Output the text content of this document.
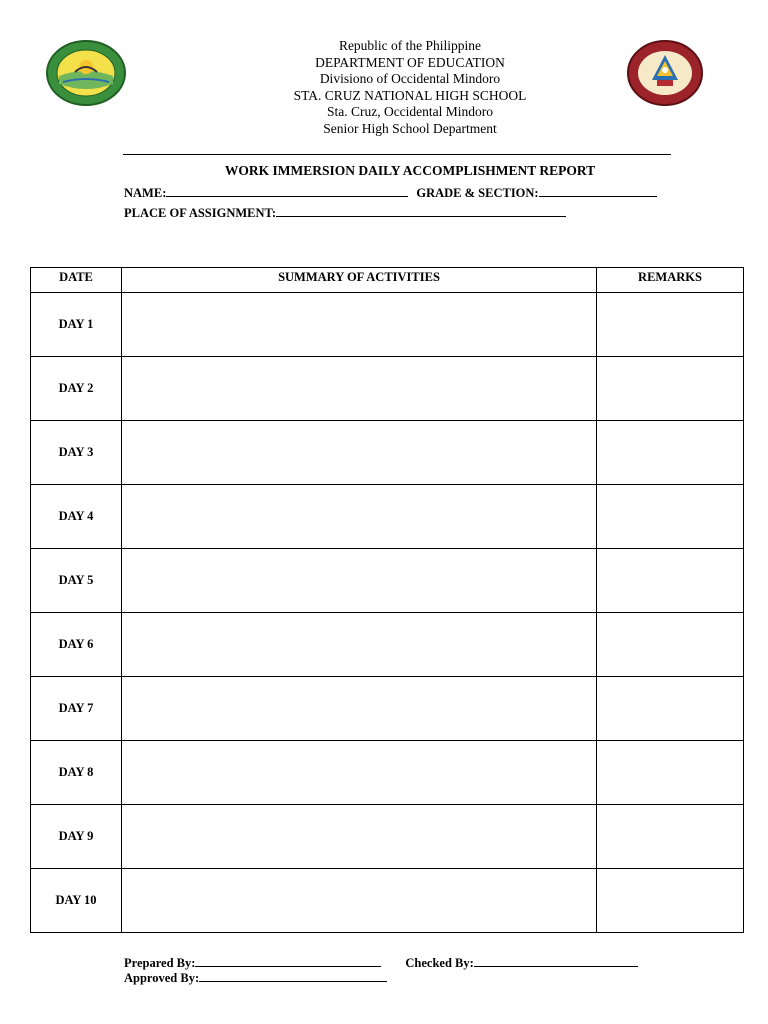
Republic of the Philippine
DEPARTMENT OF EDUCATION
Divisiono of Occidental Mindoro
STA. CRUZ NATIONAL HIGH SCHOOL
Sta. Cruz, Occidental Mindoro
Senior High School Department
WORK IMMERSION DAILY ACCOMPLISHMENT REPORT
NAME:	GRADE & SECTION:
PLACE OF ASSIGNMENT:
DATE	SUMMARY OF ACTIVITIES	REMARKS
DAY 1		
DAY 2		
DAY 3		
DAY 4		
DAY 5		
DAY 6		
DAY 7		
DAY 8		
DAY 9		
DAY 10		
Prepared By:	Checked By:
Approved By:
